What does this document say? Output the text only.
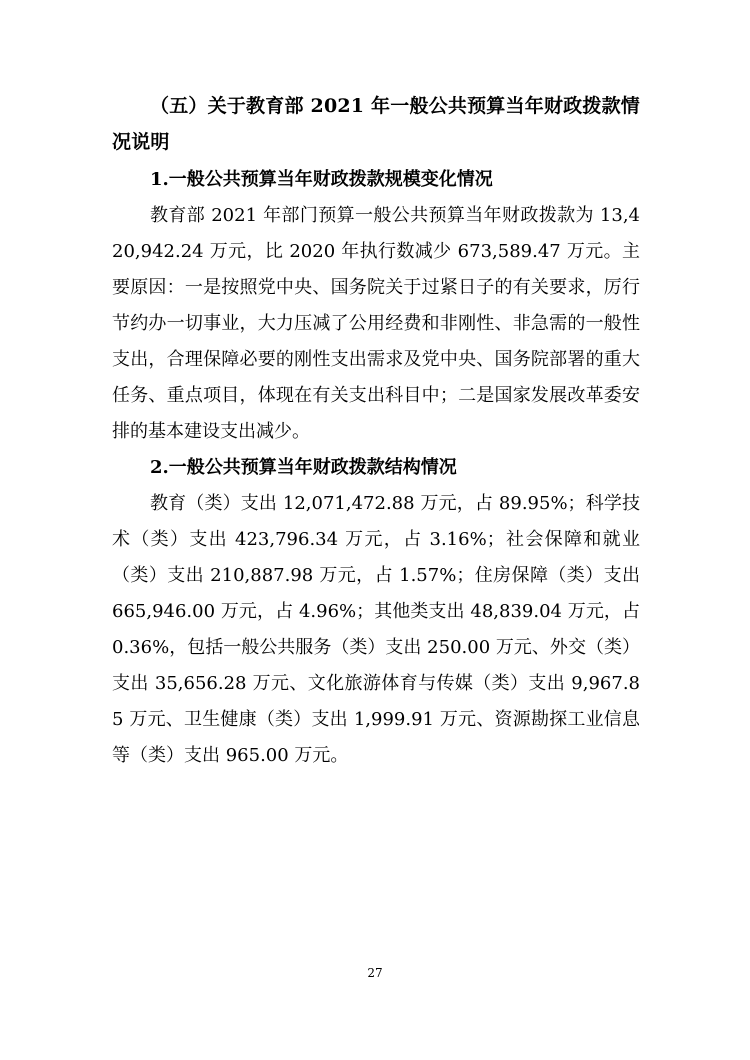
（五）关于教育部 2021 年一般公共预算当年财政拨款情况说明
1.一般公共预算当年财政拨款规模变化情况

教育部 2021 年部门预算一般公共预算当年财政拨款为 13,420,942.24 万元，比 2020 年执行数减少 673,589.47 万元。主要原因：一是按照党中央、国务院关于过紧日子的有关要求，厉行节约办一切事业，大力压减了公用经费和非刚性、非急需的一般性支出，合理保障必要的刚性支出需求及党中央、国务院部署的重大任务、重点项目，体现在有关支出科目中；二是国家发展改革委安排的基本建设支出减少。

2.一般公共预算当年财政拨款结构情况

教育（类）支出 12,071,472.88 万元，占 89.95%；科学技术（类）支出 423,796.34 万元，占 3.16%；社会保障和就业（类）支出 210,887.98 万元，占 1.57%；住房保障（类）支出 665,946.00 万元，占 4.96%；其他类支出 48,839.04 万元，占 0.36%，包括一般公共服务（类）支出 250.00 万元、外交（类）支出 35,656.28 万元、文化旅游体育与传媒（类）支出 9,967.85 万元、卫生健康（类）支出 1,999.91 万元、资源勘探工业信息等（类）支出 965.00 万元。

27
